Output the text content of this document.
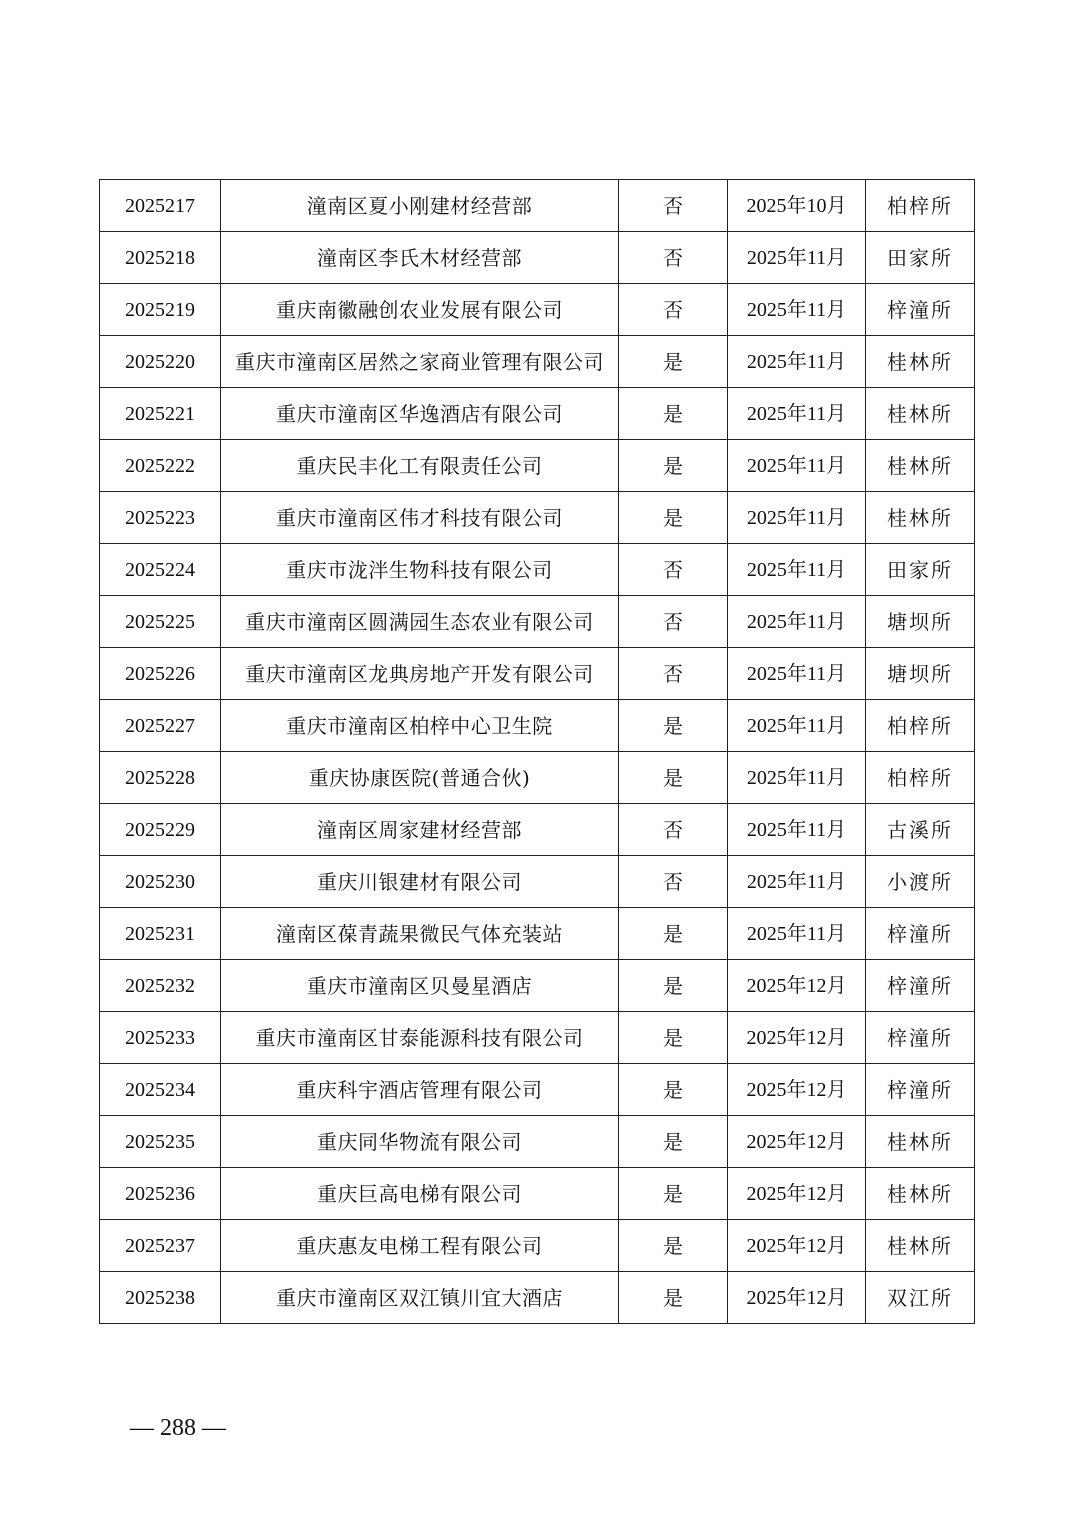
2025217	潼南区夏小刚建材经营部	否	2025年10月	柏梓所
2025218	潼南区李氏木材经营部	否	2025年11月	田家所
2025219	重庆南徽融创农业发展有限公司	否	2025年11月	梓潼所
2025220	重庆市潼南区居然之家商业管理有限公司	是	2025年11月	桂林所
2025221	重庆市潼南区华逸酒店有限公司	是	2025年11月	桂林所
2025222	重庆民丰化工有限责任公司	是	2025年11月	桂林所
2025223	重庆市潼南区伟才科技有限公司	是	2025年11月	桂林所
2025224	重庆市泷泮生物科技有限公司	否	2025年11月	田家所
2025225	重庆市潼南区圆满园生态农业有限公司	否	2025年11月	塘坝所
2025226	重庆市潼南区龙典房地产开发有限公司	否	2025年11月	塘坝所
2025227	重庆市潼南区柏梓中心卫生院	是	2025年11月	柏梓所
2025228	重庆协康医院(普通合伙)	是	2025年11月	柏梓所
2025229	潼南区周家建材经营部	否	2025年11月	古溪所
2025230	重庆川银建材有限公司	否	2025年11月	小渡所
2025231	潼南区葆青蔬果微民气体充装站	是	2025年11月	梓潼所
2025232	重庆市潼南区贝曼星酒店	是	2025年12月	梓潼所
2025233	重庆市潼南区甘泰能源科技有限公司	是	2025年12月	梓潼所
2025234	重庆科宇酒店管理有限公司	是	2025年12月	梓潼所
2025235	重庆同华物流有限公司	是	2025年12月	桂林所
2025236	重庆巨高电梯有限公司	是	2025年12月	桂林所
2025237	重庆惠友电梯工程有限公司	是	2025年12月	桂林所
2025238	重庆市潼南区双江镇川宜大酒店	是	2025年12月	双江所
— 288 —
